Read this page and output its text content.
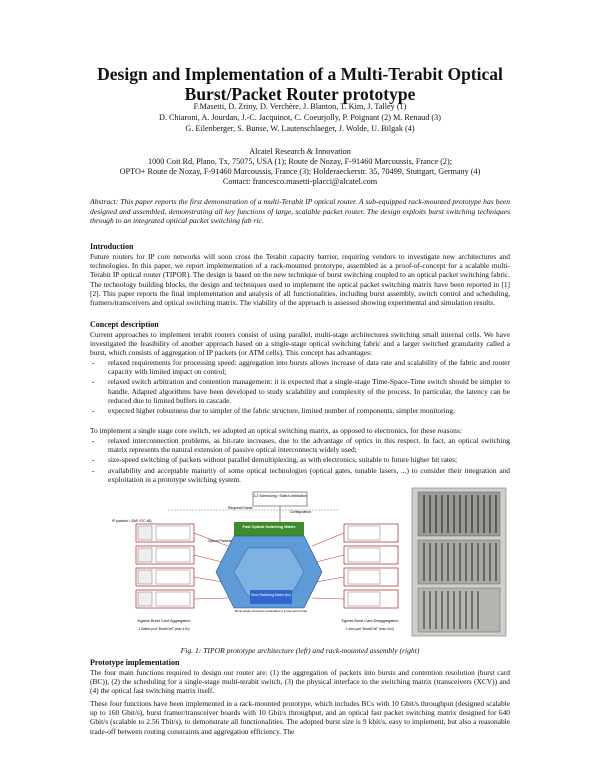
Design and Implementation of a Multi-Terabit Optical Burst/Packet Router prototype
F.Masetti, D. Zriny, D. Verchère, J. Blanton, T. Kim, J. Talley (1)
D. Chiaroni, A. Jourdan, J.-C. Jacquinot, C. Coeurjolly, P. Poignant (2) M. Renaud (3)
G. Eilenberger, S. Bunse, W. Lautenschlaeger, J. Wolde, U. Bilgak (4)
Alcatel Research & Innovation
1000 Coit Rd, Plano, Tx, 75075, USA (1); Route de Nozay, F-91460 Marcoussis, France (2);
OPTO+ Route de Nozay, F-91460 Marcoussis, France (3); Holderaeckerstr. 35, 70499, Stuttgart, Germany (4)
Contact: francesco.masetti-placci@alcatel.com
Abstract: This paper reports the first demonstration of a multi-Terabit IP optical router. A sub-equipped rack-mounted prototype has been designed and assembled, demonstrating all key functions of large, scalable packet router. The design exploits burst switching techniques through to an integrated optical packet switching fab ric.
Introduction
Future routers for IP core networks will soon cross the Terabit capacity barrier, requiring vendors to investigate new architectures and technologies. In this paper, we report implementation of a rack-mounted prototype, assembled as a proof-of-concept for a scalable multi-Terabit IP optical router (TIPOR). The design is based on the new technique of burst switching coupled to an optical packet switching fabric. The technology building blocks, the design and techniques used to implement the optical packet switching matrix have been reported in [1][2]. This paper reports the final implementation and analysis of all functionalities, including burst assembly, switch control and scheduling, framers/transceivers and optical switching matrix. The viability of the approach is assessed showing experimental and simulation results.
Concept description
Current approaches to implement terabit routers consist of using parallel, multi-stage architectures switching small internal cells. We have investigated the feasibility of another approach based on a single-stage optical switching fabric and a larger switched granularity called a burst, which consists of aggregation of IP packets (or ATM cells). This concept has advantages:
- relaxed requirements for processing speed: aggregation into bursts allows increase of data rate and scalability of the fabric and router capacity with limited impact on control;
- relaxed switch arbitration and contention management: it is expected that a single-stage Time-Space-Time switch should be simpler to handle. Adapted algorithms have been developed to study scalability and complexity of the process. In particular, the latency can be reduced due to limited buffers in cascade.
- expected higher robustness due to simpler of the fabric structure, limited number of components, simpler monitoring.
To implement a single stage core switch, we adopted an optical switching matrix, as opposed to electronics, for these reasons:
- relaxed interconnection problems, as bit-rate increases, due to the advantage of optics in this respect. In fact, an optical switching matrix represents the natural extension of passive optical interconnects widely used;
- size-speed switching of packets without parallel demultiplexing, as with electronics, suitable to future higher bit rates;
- availability and acceptable maturity of some optical technologies (optical gates, tunable lasers, ...) to consider their integration and exploitation in a prototype switching system.
3.2 Scheduling / Switch Arbitration
Request/Grants
Configuration
IP packets / (GbE /OC-48)
Fast Optical Switching Matrix
Optical Packets
Slow Switching Matrix (bc)
Burst whole structures embedded in a time-slot format
Ingress Burst Card Aggregation
1 Switch port "Burst/Cell" (max 4 bc)
Egress Burst Card Deaggregation
1 mini-port "Burst/Cell" (max 4 bc)
Fig. 1: TIPOR prototype architecture (left) and rack-mounted assembly (right)
Prototype implementation
The four main functions required to design our router are: (1) the aggregation of packets into bursts and contention resolution (burst card (BC)), (2) the scheduling for a single-stage multi-terabit switch, (3) the physical interface to the switching matrix (transceivers (XCV)) and (4) the optical fast switching matrix itself.
These four functions have been implemented in a rack-mounted prototype, which includes BCs with 10 Gbit/s throughput (designed scalable up to 160 Gbit/s), burst framer/transceiver boards with 10 Gbit/s throughput, and an optical fast packet switching matrix designed for 640 Gbit/s (scalable to 2.56 Tbit/s), to demonstrate all functionalities. The adopted burst size is 9 kbit/s, easy to implement, but also a reasonable trade-off between routing constraints and aggregation efficiency. The
